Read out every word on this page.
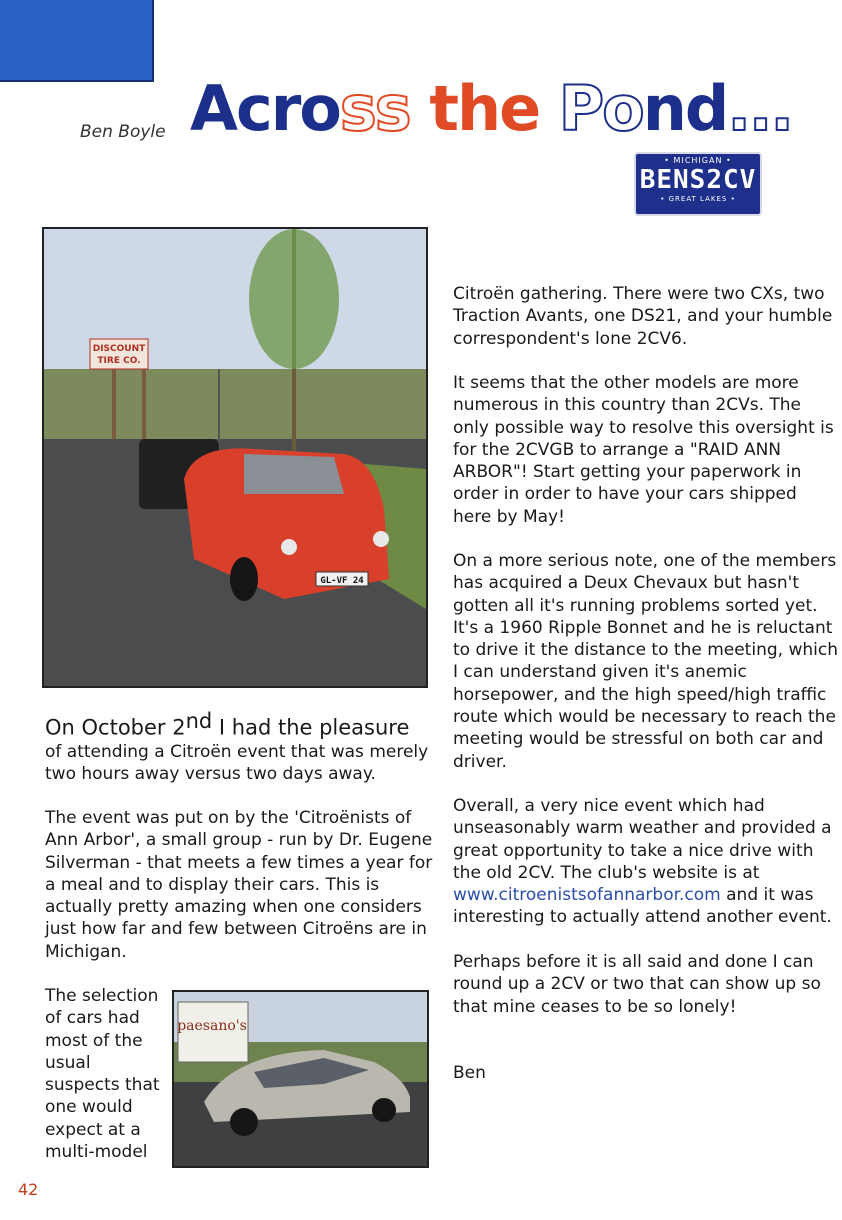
Ben Boyle Across the Pond...
• MICHIGAN •
BENS2CV
• GREAT LAKES •
DISCOUNT
TIRE CO.
GL-VF 24
paesano's

On October 2nd I had the pleasure
of attending a Citroën event that was merely two hours away versus two days away.

The event was put on by the 'Citroënists of Ann Arbor', a small group - run by Dr. Eugene Silverman - that meets a few times a year for a meal and to display their cars. This is actually pretty amazing when one considers just how far and few between Citroëns are in Michigan.
The selection of cars had most of the usual suspects that one would expect at a multi-model
Citroën gathering. There were two CXs, two Traction Avants, one DS21, and your humble correspondent's lone 2CV6.
It seems that the other models are more numerous in this country than 2CVs. The only possible way to resolve this oversight is for the 2CVGB to arrange a "RAID ANN ARBOR"! Start getting your paperwork in order in order to have your cars shipped here by May!
On a more serious note, one of the members has acquired a Deux Chevaux but hasn't gotten all it's running problems sorted yet. It's a 1960 Ripple Bonnet and he is reluctant to drive it the distance to the meeting, which I can understand given it's anemic horsepower, and the high speed/high traffic route which would be necessary to reach the meeting would be stressful on both car and driver.
Overall, a very nice event which had unseasonably warm weather and provided a great opportunity to take a nice drive with the old 2CV. The club's website is at www.citroenistsofannarbor.com and it was interesting to actually attend another event.
Perhaps before it is all said and done I can round up a 2CV or two that can show up so that mine ceases to be so lonely!
Ben
42
